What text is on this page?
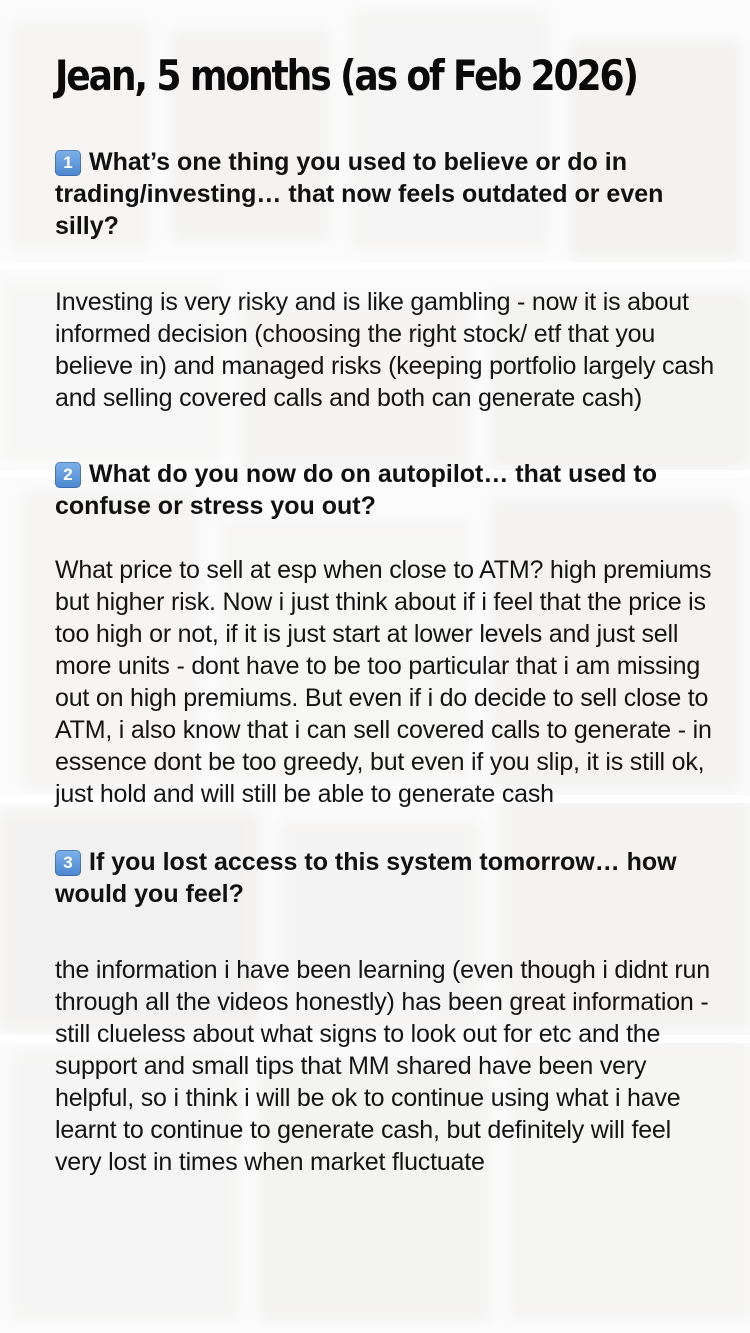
Jean, 5 months (as of Feb 2026)

1 What’s one thing you used to believe or do in trading/investing… that now feels outdated or even silly?

Investing is very risky and is like gambling - now it is about informed decision (choosing the right stock/ etf that you believe in) and managed risks (keeping portfolio largely cash and selling covered calls and both can generate cash)

2 What do you now do on autopilot… that used to confuse or stress you out?

What price to sell at esp when close to ATM? high premiums but higher risk. Now i just think about if i feel that the price is too high or not, if it is just start at lower levels and just sell more units - dont have to be too particular that i am missing out on high premiums. But even if i do decide to sell close to ATM, i also know that i can sell covered calls to generate - in essence dont be too greedy, but even if you slip, it is still ok, just hold and will still be able to generate cash

3 If you lost access to this system tomorrow… how would you feel?

the information i have been learning (even though i didnt run through all the videos honestly) has been great information - still clueless about what signs to look out for etc and the support and small tips that MM shared have been very helpful, so i think i will be ok to continue using what i have learnt to continue to generate cash, but definitely will feel very lost in times when market fluctuate
